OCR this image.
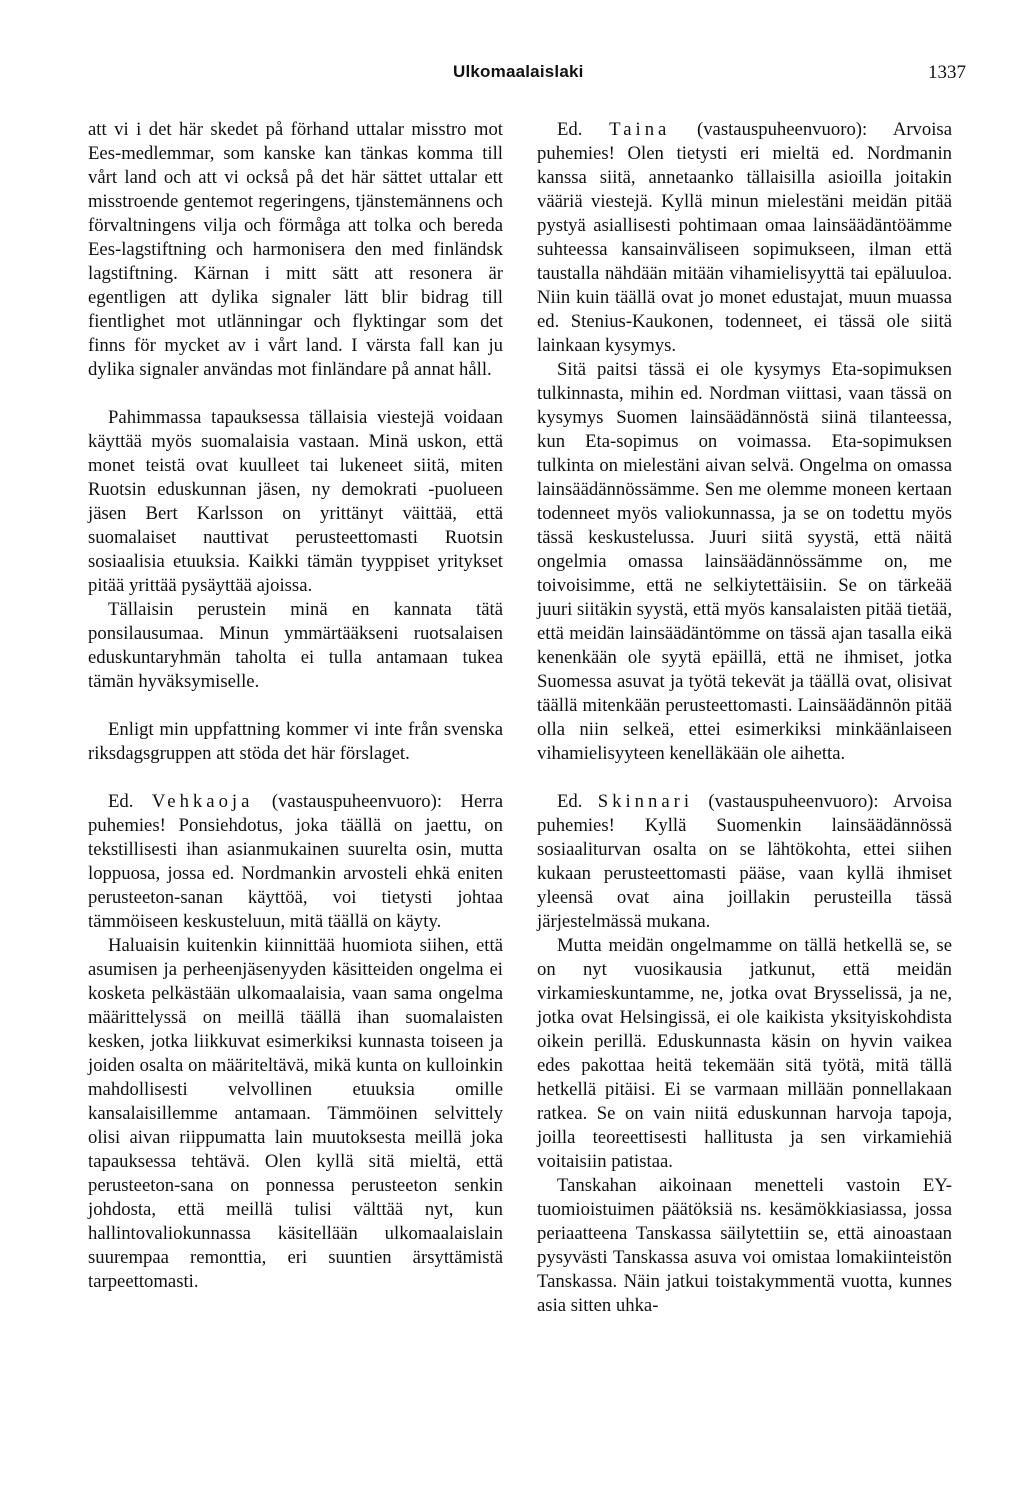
Ulkomaalaislaki	1337

att vi i det här skedet på förhand uttalar misstro mot Ees-medlemmar, som kanske kan tänkas komma till vårt land och att vi också på det här sättet uttalar ett misstroende gentemot regeringens, tjänstemännens och förvaltningens vilja och förmåga att tolka och bereda Ees-lagstiftning och harmonisera den med finländsk lagstiftning. Kärnan i mitt sätt att resonera är egentligen att dylika signaler lätt blir bidrag till fientlighet mot utlänningar och flyktingar som det finns för mycket av i vårt land. I värsta fall kan ju dylika signaler användas mot finländare på annat håll.

Pahimmassa tapauksessa tällaisia viestejä voidaan käyttää myös suomalaisia vastaan. Minä uskon, että monet teistä ovat kuulleet tai lukeneet siitä, miten Ruotsin eduskunnan jäsen, ny demokrati -puolueen jäsen Bert Karlsson on yrittänyt väittää, että suomalaiset nauttivat perusteettomasti Ruotsin sosiaalisia etuuksia. Kaikki tämän tyyppiset yritykset pitää yrittää pysäyttää ajoissa.

Tällaisin perustein minä en kannata tätä ponsilausumaa. Minun ymmärtääkseni ruotsalaisen eduskuntaryhmän taholta ei tulla antamaan tukea tämän hyväksymiselle.

Enligt min uppfattning kommer vi inte från svenska riksdagsgruppen att stöda det här förslaget.

Ed. Vehkaoja (vastauspuheenvuoro): Herra puhemies! Ponsiehdotus, joka täällä on jaettu, on tekstillisesti ihan asianmukainen suurelta osin, mutta loppuosa, jossa ed. Nordmankin arvosteli ehkä eniten perusteeton-sanan käyttöä, voi tietysti johtaa tämmöiseen keskusteluun, mitä täällä on käyty.

Haluaisin kuitenkin kiinnittää huomiota siihen, että asumisen ja perheenjäsenyyden käsitteiden ongelma ei kosketa pelkästään ulkomaalaisia, vaan sama ongelma määrittelyssä on meillä täällä ihan suomalaisten kesken, jotka liikkuvat esimerkiksi kunnasta toiseen ja joiden osalta on määriteltävä, mikä kunta on kulloinkin mahdollisesti velvollinen etuuksia omille kansalaisillemme antamaan. Tämmöinen selvittely olisi aivan riippumatta lain muutoksesta meillä joka tapauksessa tehtävä. Olen kyllä sitä mieltä, että perusteeton-sana on ponnessa perusteeton senkin johdosta, että meillä tulisi välttää nyt, kun hallintovaliokunnassa käsitellään ulkomaalaislain suurempaa remonttia, eri suuntien ärsyttämistä tarpeettomasti.

Ed. Taina (vastauspuheenvuoro): Arvoisa puhemies! Olen tietysti eri mieltä ed. Nordmanin kanssa siitä, annetaanko tällaisilla asioilla joitakin vääriä viestejä. Kyllä minun mielestäni meidän pitää pystyä asiallisesti pohtimaan omaa lainsäädäntöämme suhteessa kansainväliseen sopimukseen, ilman että taustalla nähdään mitään vihamielisyyttä tai epäluuloa. Niin kuin täällä ovat jo monet edustajat, muun muassa ed. Stenius-Kaukonen, todenneet, ei tässä ole siitä lainkaan kysymys.

Sitä paitsi tässä ei ole kysymys Eta-sopimuksen tulkinnasta, mihin ed. Nordman viittasi, vaan tässä on kysymys Suomen lainsäädännöstä siinä tilanteessa, kun Eta-sopimus on voimassa. Eta-sopimuksen tulkinta on mielestäni aivan selvä. Ongelma on omassa lainsäädännössämme. Sen me olemme moneen kertaan todenneet myös valiokunnassa, ja se on todettu myös tässä keskustelussa. Juuri siitä syystä, että näitä ongelmia omassa lainsäädännössämme on, me toivoisimme, että ne selkiytettäisiin. Se on tärkeää juuri siitäkin syystä, että myös kansalaisten pitää tietää, että meidän lainsäädäntömme on tässä ajan tasalla eikä kenenkään ole syytä epäillä, että ne ihmiset, jotka Suomessa asuvat ja työtä tekevät ja täällä ovat, olisivat täällä mitenkään perusteettomasti. Lainsäädännön pitää olla niin selkeä, ettei esimerkiksi minkäänlaiseen vihamielisyyteen kenelläkään ole aihetta.

Ed. Skinnari (vastauspuheenvuoro): Arvoisa puhemies! Kyllä Suomenkin lainsäädännössä sosiaaliturvan osalta on se lähtökohta, ettei siihen kukaan perusteettomasti pääse, vaan kyllä ihmiset yleensä ovat aina joillakin perusteilla tässä järjestelmässä mukana.

Mutta meidän ongelmamme on tällä hetkellä se, se on nyt vuosikausia jatkunut, että meidän virkamieskuntamme, ne, jotka ovat Brysselissä, ja ne, jotka ovat Helsingissä, ei ole kaikista yksityiskohdista oikein perillä. Eduskunnasta käsin on hyvin vaikea edes pakottaa heitä tekemään sitä työtä, mitä tällä hetkellä pitäisi. Ei se varmaan millään ponnellakaan ratkea. Se on vain niitä eduskunnan harvoja tapoja, joilla teoreettisesti hallitusta ja sen virkamiehiä voitaisiin patistaa.

Tanskahan aikoinaan menetteli vastoin EY-tuomioistuimen päätöksiä ns. kesämökkiasiassa, jossa periaatteena Tanskassa säilytettiin se, että ainoastaan pysyvästi Tanskassa asuva voi omistaa lomakiinteistön Tanskassa. Näin jatkui toistakymmentä vuotta, kunnes asia sitten uhka-
